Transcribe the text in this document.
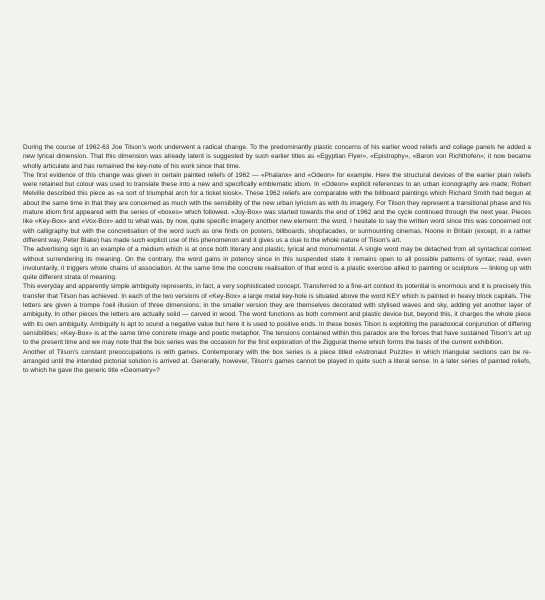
During the course of 1962-63 Joe Tilson's work underwent a radical change. To the predominantly plastic concerns of his earlier wood reliefs and collage panels he added a new lyrical dimension. That this dimension was already latent is suggested by such earlier titles as «Egyptian Flyer», «Epistrophy», «Baron von Richthofen»; it now became wholly articulate and has remained the key-note of his work since that time.

The first evidence of this change was given in certain painted reliefs of 1962 — «Phalanx» and «Odeon» for example. Here the structural devices of the earlier plain reliefs were retained but colour was used to translate these into a new and specifically emblematic idiom. In «Odeon» explicit references to an urban iconography are made; Robert Melville described this piece as «a sort of triumphal arch for a ticket kiosk». These 1962 reliefs are comparable with the billboard paintings which Richard Smith had begun at about the same time in that they are concerned as much with the sensibility of the new urban lyricism as with its imagery. For Tilson they represent a transitional phase and his mature idiom first appeared with the series of «boxes» which followed. «Joy-Box» was started towards the end of 1962 and the cycle continued through the next year. Pieces like «Key-Box» and «Vox-Box» add to what was, by now, quite specific imagery another new element: the word. I hesitate to say the written word since this was concerned not with calligraphy but with the concretisation of the word such as one finds on posters, billboards, shopfacades, or surmounting cinemas. Noone in Britain (except, in a rather different way, Peter Blake) has made such explicit use of this phenomenon and it gives us a clue to the whole nature of Tilson's art.

The advertising sign is an example of a medium which is at once both literary and plastic, lyrical and monumental. A single word may be detached from all syntactical context without surrendering its meaning. On the contrary, the word gains in potency since in this suspended state it remains open to all possible patterns of syntax; read, even involuntarily, it triggers whole chains of association. At the same time the concrete realisation of that word is a plastic exercise allied to painting or sculpture — linking up with quite different strata of meaning.

This everyday and apparently simple ambiguity represents, in fact, a very sophisticated concept. Transferred to a fine-art context its potential is enormous and it is precisely this transfer that Tilson has achieved. In each of the two versions of «Key-Box» a large metal key-hole is situated above the word KEY which is painted in heavy block capitals. The letters are given a trompe l'oeil illusion of three dimensions; in the smaller version they are themselves decorated with stylised waves and sky, adding yet another layer of ambiguity. In other pieces the letters are actually solid — carved in wood. The word functions as both comment and plastic device but, beyond this, it charges the whole piece with its own ambiguity. Ambiguity is apt to sound a negative value but here it is used to positive ends. In these boxes Tilson is exploiting the paradoxical conjunction of differing sensibilities; «Key-Box» is at the same time concrete image and poetic metaphor. The tensions contained within this paradox are the forces that have sustained Tilson's art up to the present time and we may note that the box series was the occasion for the first exploration of the Ziggurat theme which forms the basis of the current exhibition.

Another of Tilson's constant preoccupations is with games. Contemporary with the box series is a piece titled «Astronaut Puzzle» in which triangular sections can be re-arranged until the intended pictorial solution is arrived at. Generally, however, Tilson's games cannot be played in quite such a literal sense. In a later series of painted reliefs, to which he gave the generic title «Geometry»?
